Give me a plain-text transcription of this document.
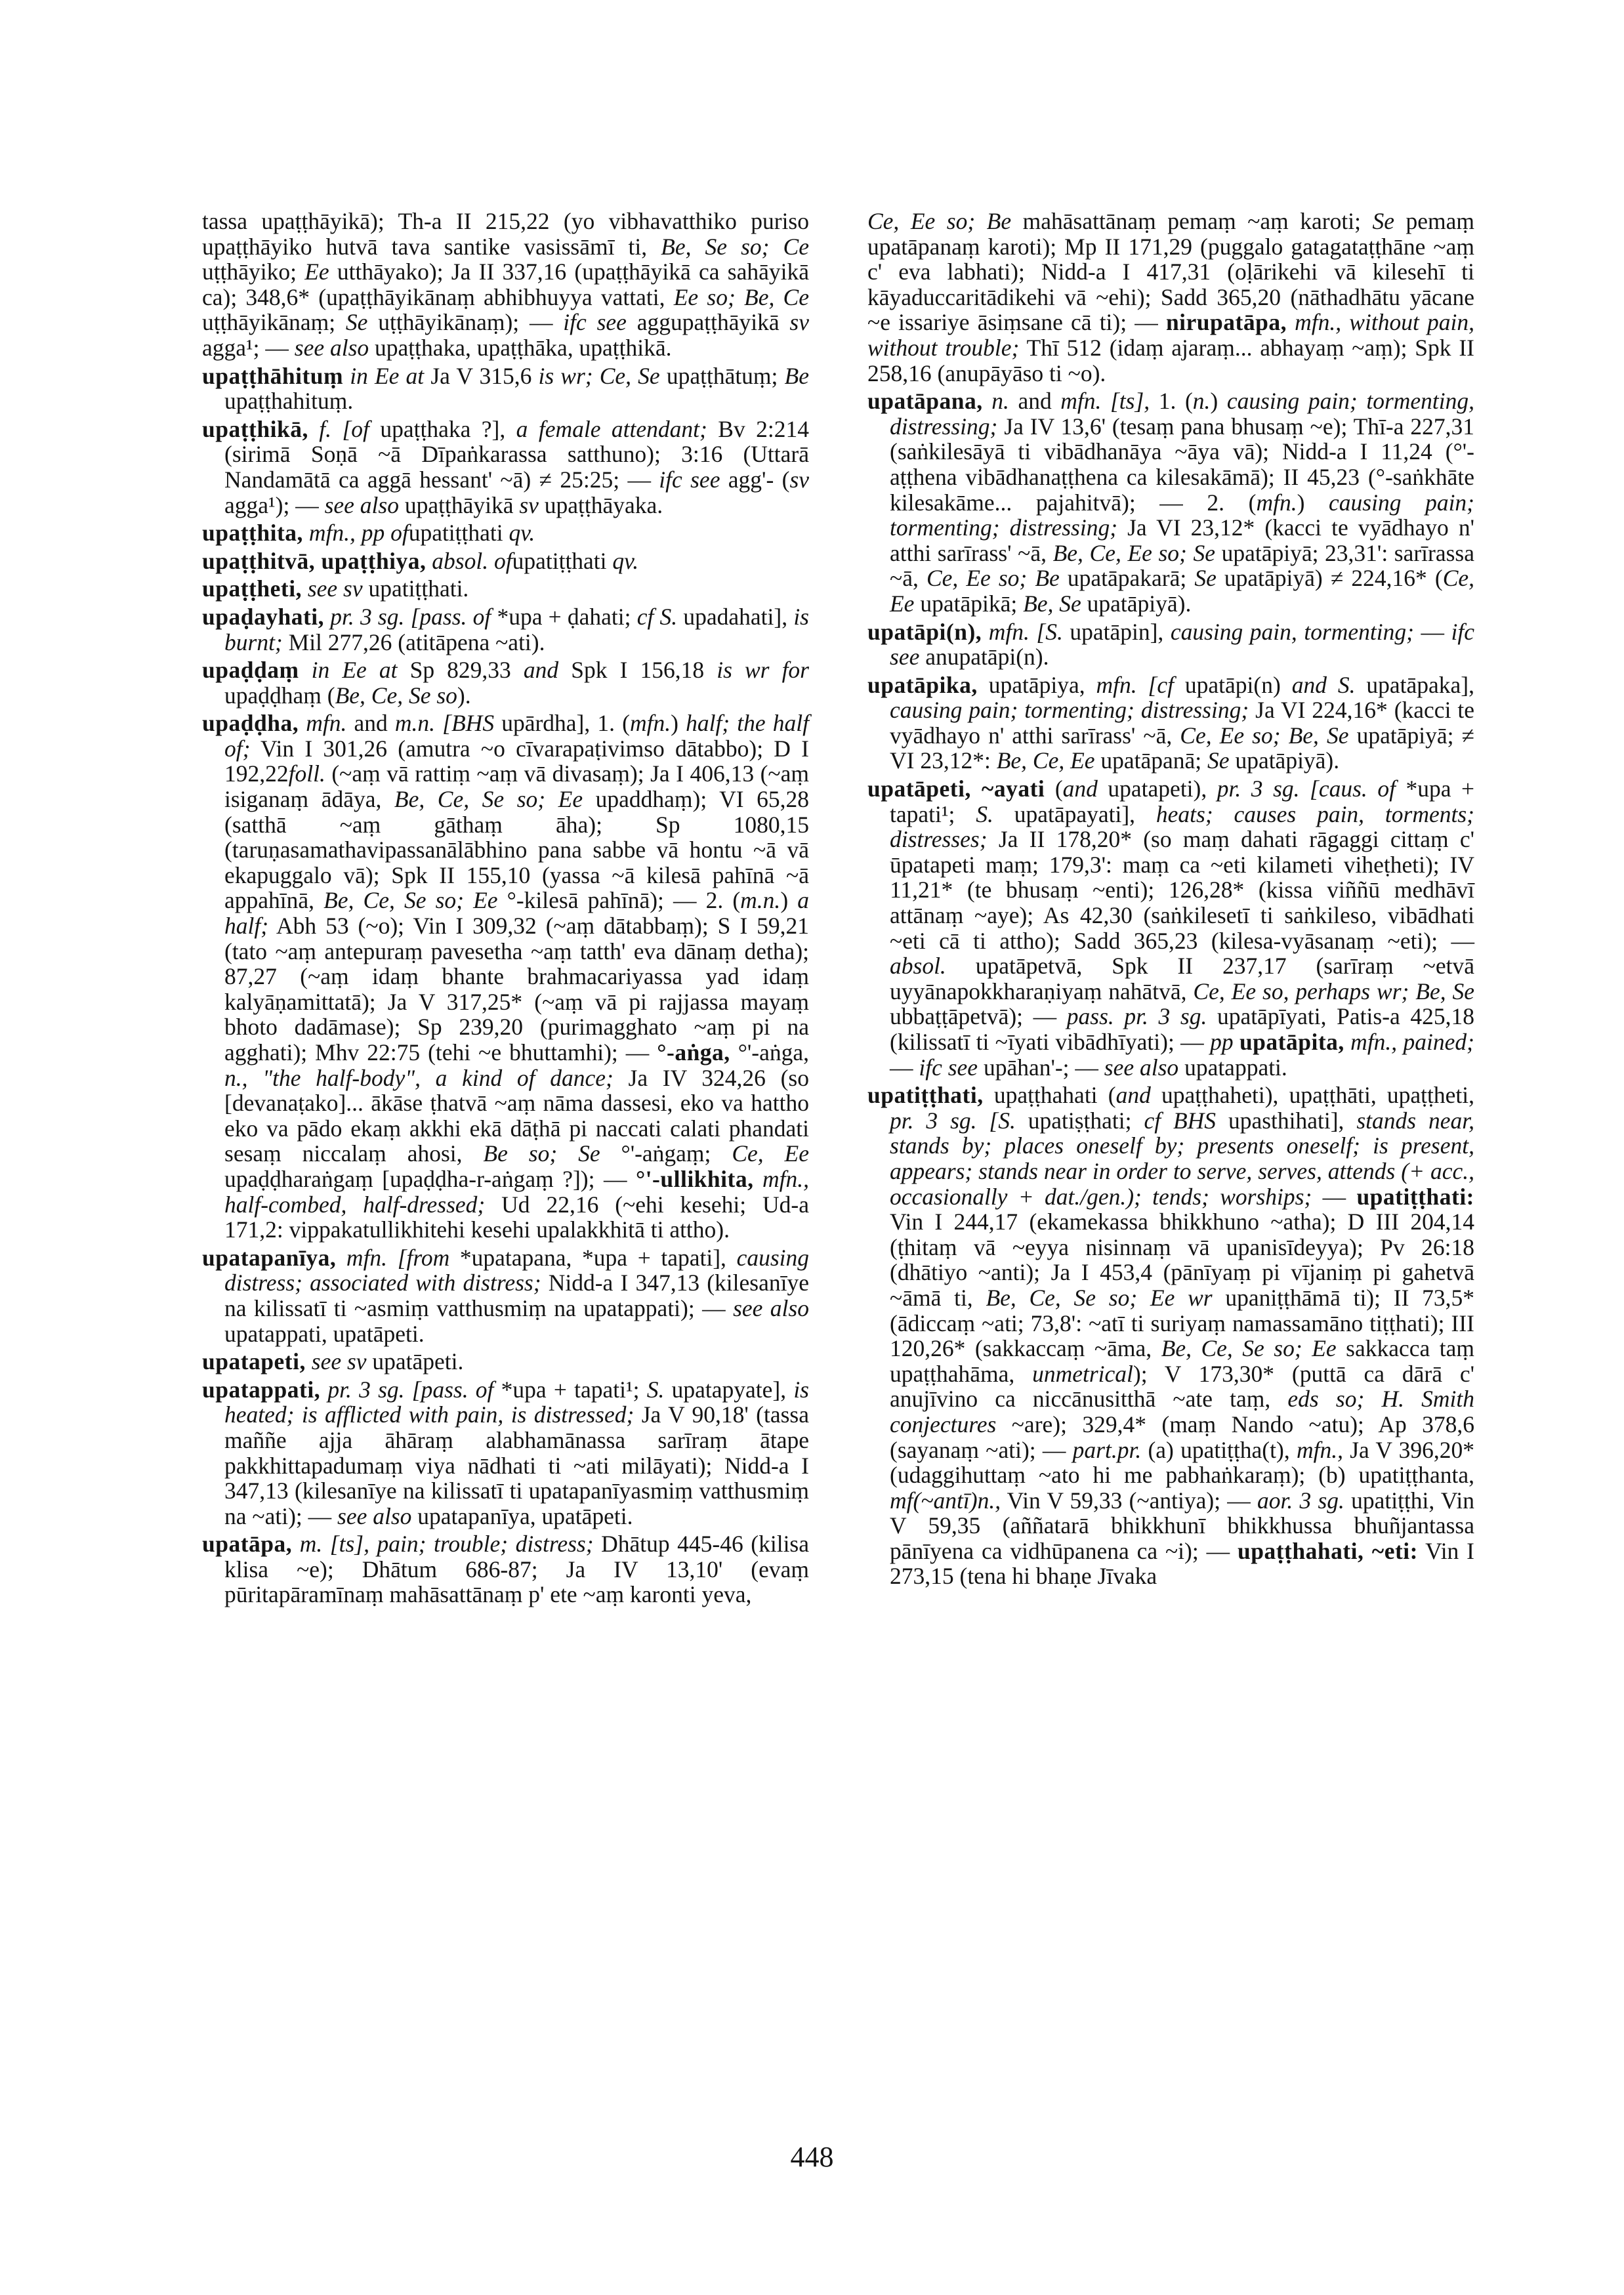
tassa upaṭṭhāyikā); Th-a II 215,22 (yo vibhavatthiko puriso upaṭṭhāyiko hutvā tava santike vasissāmī ti, Be, Se so; Ce uṭṭhāyiko; Ee utthāyako); Ja II 337,16 (upaṭṭhāyikā ca sahāyikā ca); 348,6* (upaṭṭhāyikānaṃ abhibhuyya vattati, Ee so; Be, Ce uṭṭhāyikānaṃ; Se uṭṭhāyikānaṃ); — ifc see aggupaṭṭhāyikā sv agga¹; — see also upaṭṭhaka, upaṭṭhāka, upaṭṭhikā.

upaṭṭhāhituṃ in Ee at Ja V 315,6 is wr; Ce, Se upaṭṭhātuṃ; Be upaṭṭhahituṃ.

upaṭṭhikā, f. [of upaṭṭhaka ?], a female attendant; Bv 2:214 (sirimā Soṇā ~ā Dīpaṅkarassa satthuno); 3:16 (Uttarā Nandamātā ca aggā hessant' ~ā) ≠ 25:25; — ifc see agg'- (sv agga¹); — see also upaṭṭhāyikā sv upaṭṭhāyaka.

upaṭṭhita, mfn., pp ofupatiṭṭhati qv.

upaṭṭhitvā, upaṭṭhiya, absol. ofupatiṭṭhati qv.

upaṭṭheti, see sv upatiṭṭhati.

upaḍayhati, pr. 3 sg. [pass. of *upa + ḍahati; cf S. upadahati], is burnt; Mil 277,26 (atitāpena ~ati).

upaḍḍaṃ in Ee at Sp 829,33 and Spk I 156,18 is wr for upaḍḍhaṃ (Be, Ce, Se so).

upaḍḍha, mfn. and m.n. [BHS upārdha], 1. (mfn.) half; the half of; Vin I 301,26 (amutra ~o cīvarapaṭivimso dātabbo); D I 192,22foll. (~aṃ vā rattiṃ ~aṃ vā divasaṃ); Ja I 406,13 (~aṃ isiganaṃ ādāya, Be, Ce, Se so; Ee upaddhaṃ); VI 65,28 (satthā ~aṃ gāthaṃ āha); Sp 1080,15 (taruṇasamathavipassanālābhino pana sabbe vā hontu ~ā vā ekapuggalo vā); Spk II 155,10 (yassa ~ā kilesā pahīnā ~ā appahīnā, Be, Ce, Se so; Ee °-kilesā pahīnā); — 2. (m.n.) a half; Abh 53 (~o); Vin I 309,32 (~aṃ dātabbaṃ); S I 59,21 (tato ~aṃ antepuraṃ pavesetha ~aṃ tatth' eva dānaṃ detha); 87,27 (~aṃ idaṃ bhante brahmacariyassa yad idaṃ kalyāṇamittatā); Ja V 317,25* (~aṃ vā pi rajjassa mayaṃ bhoto dadāmase); Sp 239,20 (purimagghato ~aṃ pi na agghati); Mhv 22:75 (tehi ~e bhuttamhi); — °-aṅga, °'-aṅga, n., "the half-body", a kind of dance; Ja IV 324,26 (so [devanaṭako]... ākāse ṭhatvā ~aṃ nāma dassesi, eko va hattho eko va pādo ekaṃ akkhi ekā dāṭhā pi naccati calati phandati sesaṃ niccalaṃ ahosi, Be so; Se °'-aṅgaṃ; Ce, Ee upaḍḍharaṅgaṃ [upaḍḍha-r-aṅgaṃ ?]); — °'-ullikhita, mfn., half-combed, half-dressed; Ud 22,16 (~ehi kesehi; Ud-a 171,2: vippakatullikhitehi kesehi upalakkhitā ti attho).

upatapanīya, mfn. [from *upatapana, *upa + tapati], causing distress; associated with distress; Nidd-a I 347,13 (kilesanīye na kilissatī ti ~asmiṃ vatthusmiṃ na upatappati); — see also upatappati, upatāpeti.

upatapeti, see sv upatāpeti.

upatappati, pr. 3 sg. [pass. of *upa + tapati¹; S. upatapyate], is heated; is afflicted with pain, is distressed; Ja V 90,18' (tassa maññe ajja āhāraṃ alabhamānassa sarīraṃ ātape pakkhittapadumaṃ viya nādhati ti ~ati milāyati); Nidd-a I 347,13 (kilesanīye na kilissatī ti upatapanīyasmiṃ vatthusmiṃ na ~ati); — see also upatapanīya, upatāpeti.

upatāpa, m. [ts], pain; trouble; distress; Dhātup 445-46 (kilisa klisa ~e); Dhātum 686-87; Ja IV 13,10' (evaṃ pūritapāramīnaṃ mahāsattānaṃ p' ete ~aṃ karonti yeva,

Ce, Ee so; Be mahāsattānaṃ pemaṃ ~aṃ karoti; Se pemaṃ upatāpanaṃ karoti); Mp II 171,29 (puggalo gatagataṭṭhāne ~aṃ c' eva labhati); Nidd-a I 417,31 (oḷārikehi vā kilesehī ti kāyaduccaritādikehi vā ~ehi); Sadd 365,20 (nāthadhātu yācane ~e issariye āsiṃsane cā ti); — nirupatāpa, mfn., without pain, without trouble; Thī 512 (idaṃ ajaraṃ... abhayaṃ ~aṃ); Spk II 258,16 (anupāyāso ti ~o).

upatāpana, n. and mfn. [ts], 1. (n.) causing pain; tormenting, distressing; Ja IV 13,6' (tesaṃ pana bhusaṃ ~e); Thī-a 227,31 (saṅkilesāyā ti vibādhanāya ~āya vā); Nidd-a I 11,24 (°'-aṭṭhena vibādhanaṭṭhena ca kilesakāmā); II 45,23 (°-saṅkhāte kilesakāme... pajahitvā); — 2. (mfn.) causing pain; tormenting; distressing; Ja VI 23,12* (kacci te vyādhayo n' atthi sarīrass' ~ā, Be, Ce, Ee so; Se upatāpiyā; 23,31': sarīrassa ~ā, Ce, Ee so; Be upatāpakarā; Se upatāpiyā) ≠ 224,16* (Ce, Ee upatāpikā; Be, Se upatāpiyā).

upatāpi(n), mfn. [S. upatāpin], causing pain, tormenting; — ifc see anupatāpi(n).

upatāpika, upatāpiya, mfn. [cf upatāpi(n) and S. upatāpaka], causing pain; tormenting; distressing; Ja VI 224,16* (kacci te vyādhayo n' atthi sarīrass' ~ā, Ce, Ee so; Be, Se upatāpiyā; ≠ VI 23,12*: Be, Ce, Ee upatāpanā; Se upatāpiyā).

upatāpeti, ~ayati (and upatapeti), pr. 3 sg. [caus. of *upa + tapati¹; S. upatāpayati], heats; causes pain, torments; distresses; Ja II 178,20* (so maṃ dahati rāgaggi cittaṃ c' ūpatapeti maṃ; 179,3': maṃ ca ~eti kilameti viheṭheti); IV 11,21* (te bhusaṃ ~enti); 126,28* (kissa viññū medhāvī attānaṃ ~aye); As 42,30 (saṅkilesetī ti saṅkileso, vibādhati ~eti cā ti attho); Sadd 365,23 (kilesa-vyāsanaṃ ~eti); — absol. upatāpetvā, Spk II 237,17 (sarīraṃ ~etvā uyyānapokkharaṇiyaṃ nahātvā, Ce, Ee so, perhaps wr; Be, Se ubbaṭṭāpetvā); — pass. pr. 3 sg. upatāpīyati, Patis-a 425,18 (kilissatī ti ~īyati vibādhīyati); — pp upatāpita, mfn., pained; — ifc see upāhan'-; — see also upatappati.

upatiṭṭhati, upaṭṭhahati (and upaṭṭhaheti), upaṭṭhāti, upaṭṭheti, pr. 3 sg. [S. upatiṣṭhati; cf BHS upasthihati], stands near, stands by; places oneself by; presents oneself; is present, appears; stands near in order to serve, serves, attends (+ acc., occasionally + dat./gen.); tends; worships; — upatiṭṭhati: Vin I 244,17 (ekamekassa bhikkhuno ~atha); D III 204,14 (ṭhitaṃ vā ~eyya nisinnaṃ vā upanisīdeyya); Pv 26:18 (dhātiyo ~anti); Ja I 453,4 (pānīyaṃ pi vījaniṃ pi gahetvā ~āmā ti, Be, Ce, Se so; Ee wr upaniṭṭhāmā ti); II 73,5* (ādiccaṃ ~ati; 73,8': ~atī ti suriyaṃ namassamāno tiṭṭhati); III 120,26* (sakkaccaṃ ~āma, Be, Ce, Se so; Ee sakkacca taṃ upaṭṭhahāma, unmetrical); V 173,30* (puttā ca dārā c' anujīvino ca niccānusitthā ~ate taṃ, eds so; H. Smith conjectures ~are); 329,4* (maṃ Nando ~atu); Ap 378,6 (sayanaṃ ~ati); — part.pr. (a) upatiṭṭha(t), mfn., Ja V 396,20* (udaggihuttaṃ ~ato hi me pabhaṅkaraṃ); (b) upatiṭṭhanta, mf(~antī)n., Vin V 59,33 (~antiya); — aor. 3 sg. upatiṭṭhi, Vin V 59,35 (aññatarā bhikkhunī bhikkhussa bhuñjantassa pānīyena ca vidhūpanena ca ~i); — upaṭṭhahati, ~eti: Vin I 273,15 (tena hi bhaṇe Jīvaka

448
